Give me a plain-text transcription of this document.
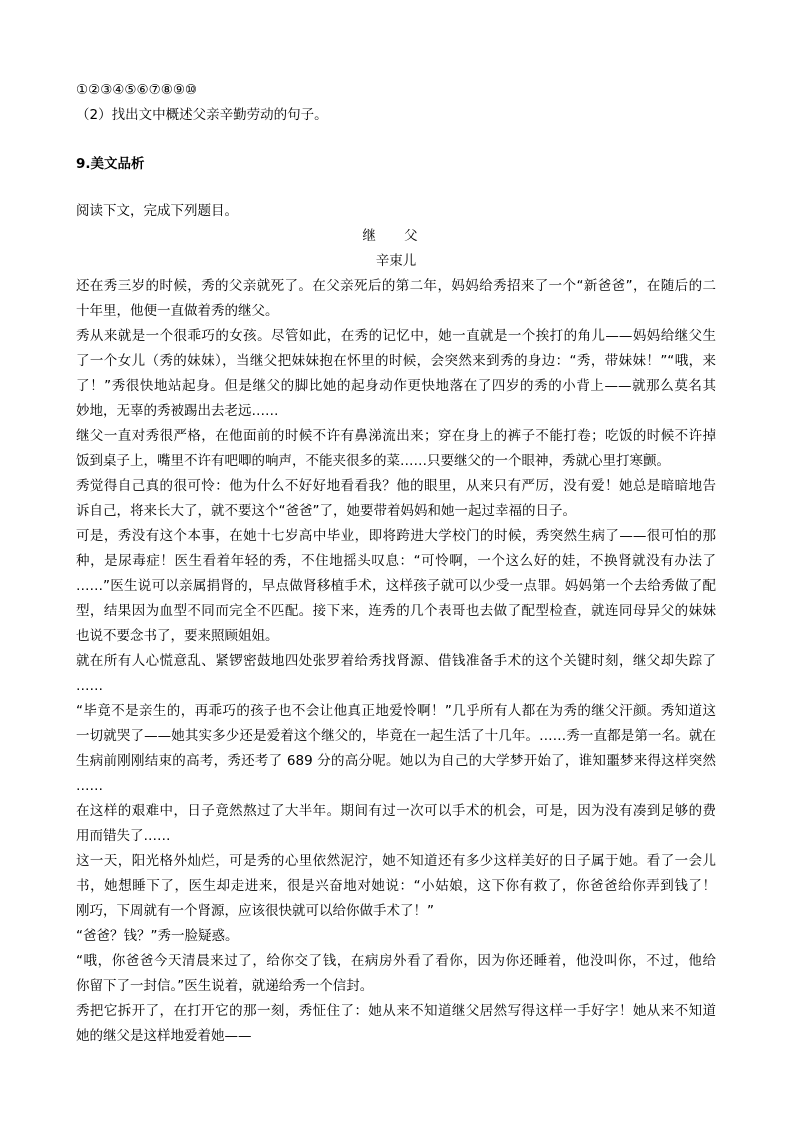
①②③④⑤⑥⑦⑧⑨⑩

（2）找出文中概述父亲辛勤劳动的句子。

9.美文品析

阅读下文，完成下列题目。

继 父

辛束儿

还在秀三岁的时候，秀的父亲就死了。在父亲死后的第二年，妈妈给秀招来了一个“新爸爸”，在随后的二

十年里，他便一直做着秀的继父。

秀从来就是一个很乖巧的女孩。尽管如此，在秀的记忆中，她一直就是一个挨打的角儿——妈妈给继父生

了一个女儿（秀的妹妹），当继父把妹妹抱在怀里的时候，会突然来到秀的身边：“秀，带妹妹！”“哦，来

了！”秀很快地站起身。但是继父的脚比她的起身动作更快地落在了四岁的秀的小背上——就那么莫名其

妙地，无辜的秀被踢出去老远……

继父一直对秀很严格，在他面前的时候不许有鼻涕流出来；穿在身上的裤子不能打卷；吃饭的时候不许掉

饭到桌子上，嘴里不许有吧唧的响声，不能夹很多的菜……只要继父的一个眼神，秀就心里打寒颤。

秀觉得自己真的很可怜：他为什么不好好地看看我？他的眼里，从来只有严厉，没有爱！她总是暗暗地告

诉自己，将来长大了，就不要这个“爸爸”了，她要带着妈妈和她一起过幸福的日子。

可是，秀没有这个本事，在她十七岁高中毕业，即将跨进大学校门的时候，秀突然生病了——很可怕的那

种，是尿毒症！医生看着年轻的秀，不住地摇头叹息：“可怜啊，一个这么好的娃，不换肾就没有办法了

……”医生说可以亲属捐肾的，早点做肾移植手术，这样孩子就可以少受一点罪。妈妈第一个去给秀做了配

型，结果因为血型不同而完全不匹配。接下来，连秀的几个表哥也去做了配型检查，就连同母异父的妹妹

也说不要念书了，要来照顾姐姐。

就在所有人心慌意乱、紧锣密鼓地四处张罗着给秀找肾源、借钱准备手术的这个关键时刻，继父却失踪了

……

“毕竟不是亲生的，再乖巧的孩子也不会让他真正地爱怜啊！”几乎所有人都在为秀的继父汗颜。秀知道这

一切就哭了——她其实多少还是爱着这个继父的，毕竟在一起生活了十几年。……秀一直都是第一名。就在

生病前刚刚结束的高考，秀还考了 689 分的高分呢。她以为自己的大学梦开始了，谁知噩梦来得这样突然

……

在这样的艰难中，日子竟然熬过了大半年。期间有过一次可以手术的机会，可是，因为没有凑到足够的费

用而错失了……

这一天，阳光格外灿烂，可是秀的心里依然泥泞，她不知道还有多少这样美好的日子属于她。看了一会儿

书，她想睡下了，医生却走进来，很是兴奋地对她说：“小姑娘，这下你有救了，你爸爸给你弄到钱了！

刚巧，下周就有一个肾源，应该很快就可以给你做手术了！”

“爸爸？钱？”秀一脸疑惑。

“哦，你爸爸今天清晨来过了，给你交了钱，在病房外看了看你，因为你还睡着，他没叫你，不过，他给

你留下了一封信。”医生说着，就递给秀一个信封。

秀把它拆开了，在打开它的那一刻，秀怔住了：她从来不知道继父居然写得这样一手好字！她从来不知道

她的继父是这样地爱着她——
